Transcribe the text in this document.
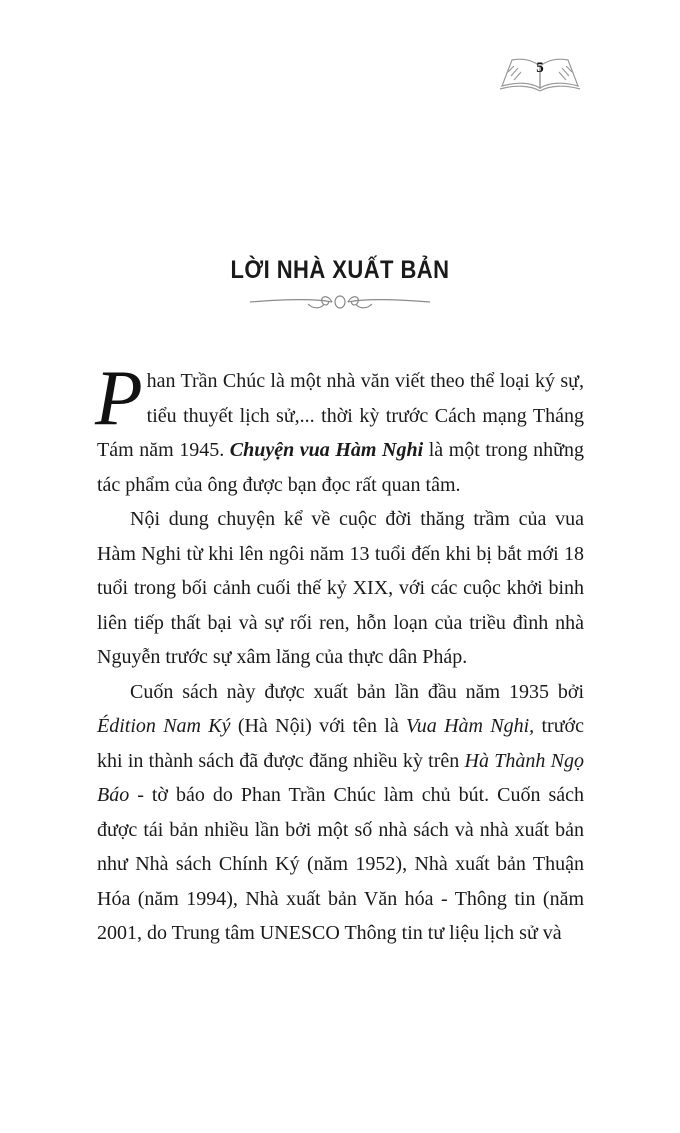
5
LỜI NHÀ XUẤT BẢN

Phan Trần Chúc là một nhà văn viết theo thể loại ký sự, tiểu thuyết lịch sử,... thời kỳ trước Cách mạng Tháng Tám năm 1945. Chuyện vua Hàm Nghi là một trong những tác phẩm của ông được bạn đọc rất quan tâm.

Nội dung chuyện kể về cuộc đời thăng trầm của vua Hàm Nghi từ khi lên ngôi năm 13 tuổi đến khi bị bắt mới 18 tuổi trong bối cảnh cuối thế kỷ XIX, với các cuộc khởi binh liên tiếp thất bại và sự rối ren, hỗn loạn của triều đình nhà Nguyễn trước sự xâm lăng của thực dân Pháp.

Cuốn sách này được xuất bản lần đầu năm 1935 bởi Édition Nam Ký (Hà Nội) với tên là Vua Hàm Nghi, trước khi in thành sách đã được đăng nhiều kỳ trên Hà Thành Ngọ Báo - tờ báo do Phan Trần Chúc làm chủ bút. Cuốn sách được tái bản nhiều lần bởi một số nhà sách và nhà xuất bản như Nhà sách Chính Ký (năm 1952), Nhà xuất bản Thuận Hóa (năm 1994), Nhà xuất bản Văn hóa - Thông tin (năm 2001, do Trung tâm UNESCO Thông tin tư liệu lịch sử và
